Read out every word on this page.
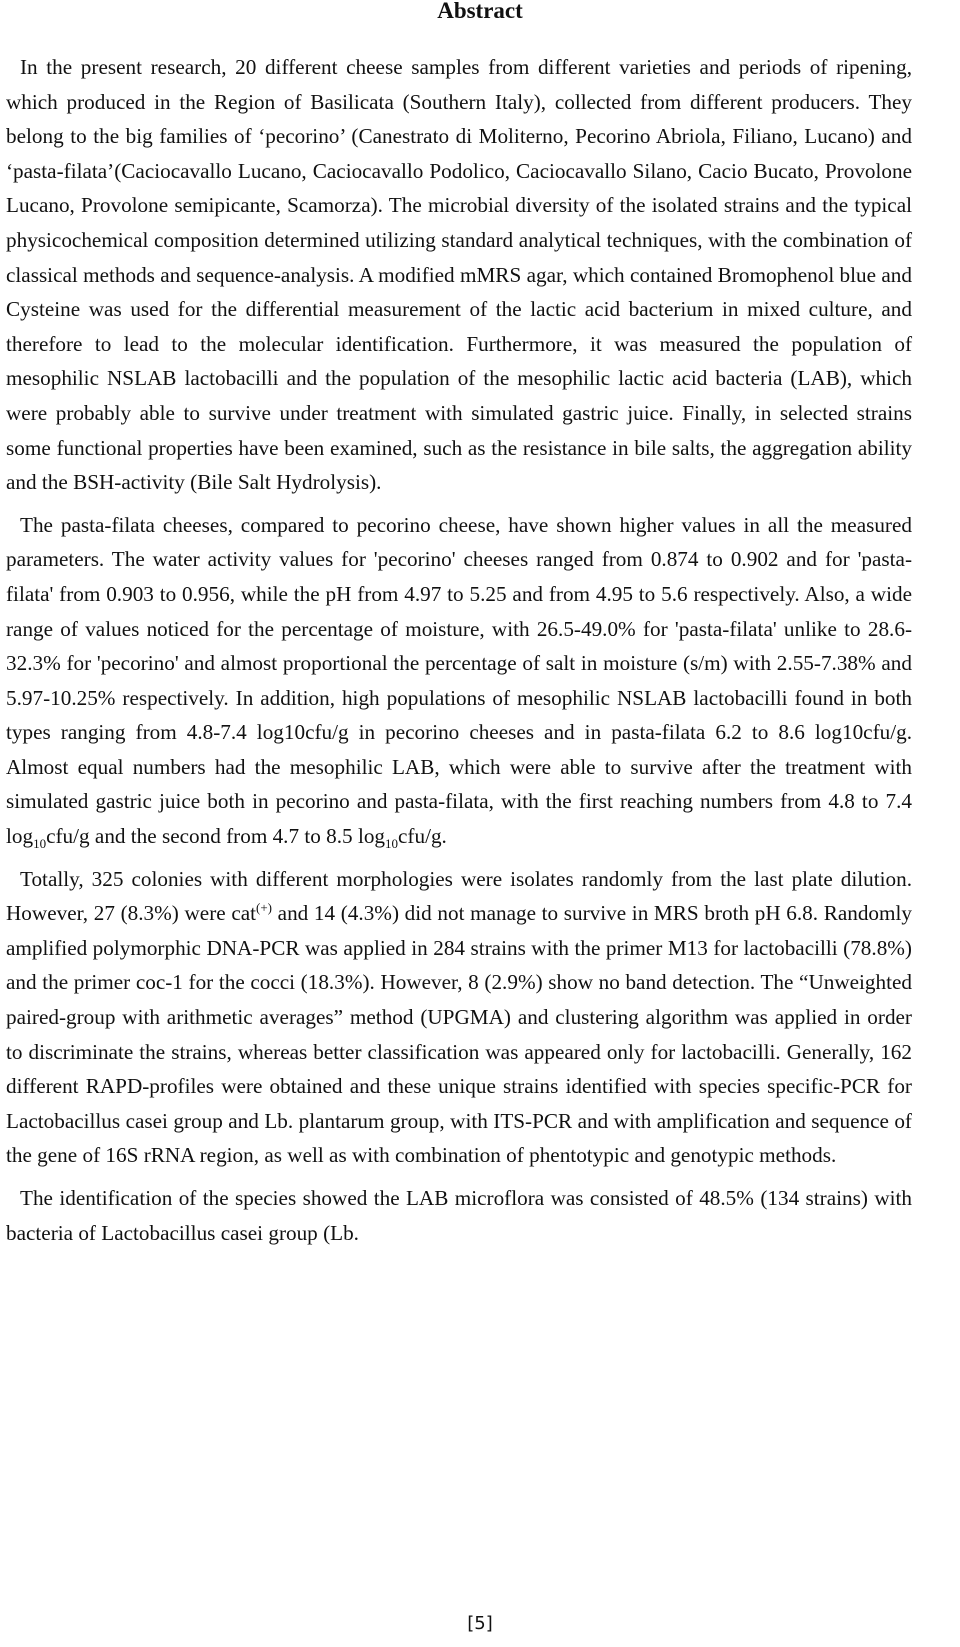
Abstract

In the present research, 20 different cheese samples from different varieties and periods of ripening, which produced in the Region of Basilicata (Southern Italy), collected from different producers. They belong to the big families of ‘pecorino’ (Canestrato di Moliterno, Pecorino Abriola, Filiano, Lucano) and ‘pasta-filata’(Caciocavallo Lucano, Caciocavallo Podolico, Caciocavallo Silano, Cacio Bucato, Provolone Lucano, Provolone semipicante, Scamorza). The microbial diversity of the isolated strains and the typical physicochemical composition determined utilizing standard analytical techniques, with the combination of classical methods and sequence-analysis. A modified mMRS agar, which contained Bromophenol blue and Cysteine was used for the differential measurement of the lactic acid bacterium in mixed culture, and therefore to lead to the molecular identification. Furthermore, it was measured the population of mesophilic NSLAB lactobacilli and the population of the mesophilic lactic acid bacteria (LAB), which were probably able to survive under treatment with simulated gastric juice. Finally, in selected strains some functional properties have been examined, such as the resistance in bile salts, the aggregation ability and the BSH-activity (Bile Salt Hydrolysis).

The pasta-filata cheeses, compared to pecorino cheese, have shown higher values in all the measured parameters. The water activity values for 'pecorino' cheeses ranged from 0.874 to 0.902 and for 'pasta-filata' from 0.903 to 0.956, while the pH from 4.97 to 5.25 and from 4.95 to 5.6 respectively. Also, a wide range of values noticed for the percentage of moisture, with 26.5-49.0% for 'pasta-filata' unlike to 28.6-32.3% for 'pecorino' and almost proportional the percentage of salt in moisture (s/m) with 2.55-7.38% and 5.97-10.25% respectively. In addition, high populations of mesophilic NSLAB lactobacilli found in both types ranging from 4.8-7.4 log10cfu/g in pecorino cheeses and in pasta-filata 6.2 to 8.6 log10cfu/g. Almost equal numbers had the mesophilic LAB, which were able to survive after the treatment with simulated gastric juice both in pecorino and pasta-filata, with the first reaching numbers from 4.8 to 7.4 $\log_{10}cfu/g$ and the second from 4.7 to 8.5 $\log_{10}cfu/g$.

Totally, 325 colonies with different morphologies were isolates randomly from the last plate dilution. However, 27 (8.3%) were cat(+) and 14 (4.3%) did not manage to survive in MRS broth pH 6.8. Randomly amplified polymorphic DNA-PCR was applied in 284 strains with the primer M13 for lactobacilli (78.8%) and the primer coc-1 for the cocci (18.3%). However, 8 (2.9%) show no band detection. The “Unweighted paired-group with arithmetic averages” method (UPGMA) and clustering algorithm was applied in order to discriminate the strains, whereas better classification was appeared only for lactobacilli. Generally, 162 different RAPD-profiles were obtained and these unique strains identified with species specific-PCR for Lactobacillus casei group and Lb. plantarum group, with ITS-PCR and with amplification and sequence of the gene of 16S rRNA region, as well as with combination of phentotypic and genotypic methods.

The identification of the species showed the LAB microflora was consisted of 48.5% (134 strains) with bacteria of Lactobacillus casei group (Lb.

[5]
